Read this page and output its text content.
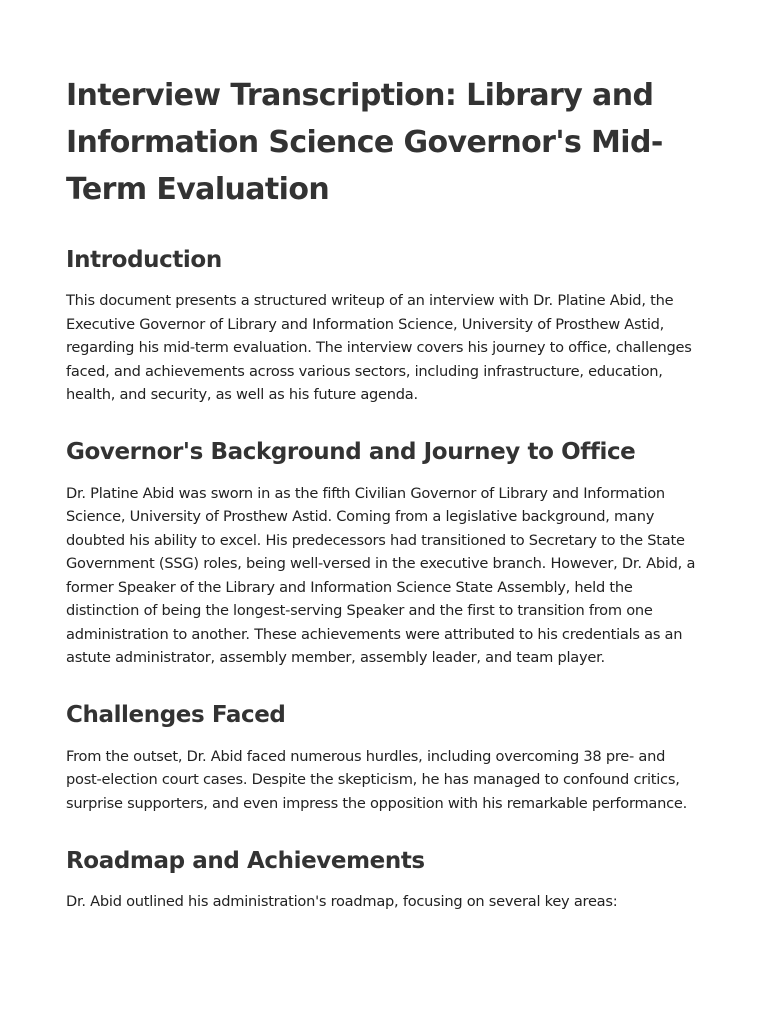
Interview Transcription: Library and Information Science Governor's Mid-Term Evaluation
Introduction

This document presents a structured writeup of an interview with Dr. Platine Abid, the Executive Governor of Library and Information Science, University of Prosthew Astid, regarding his mid-term evaluation. The interview covers his journey to office, challenges faced, and achievements across various sectors, including infrastructure, education, health, and security, as well as his future agenda.

Governor's Background and Journey to Office

Dr. Platine Abid was sworn in as the fifth Civilian Governor of Library and Information Science, University of Prosthew Astid. Coming from a legislative background, many doubted his ability to excel. His predecessors had transitioned to Secretary to the State Government (SSG) roles, being well-versed in the executive branch. However, Dr. Abid, a former Speaker of the Library and Information Science State Assembly, held the distinction of being the longest-serving Speaker and the first to transition from one administration to another. These achievements were attributed to his credentials as an astute administrator, assembly member, assembly leader, and team player.

Challenges Faced

From the outset, Dr. Abid faced numerous hurdles, including overcoming 38 pre- and post-election court cases. Despite the skepticism, he has managed to confound critics, surprise supporters, and even impress the opposition with his remarkable performance.

Roadmap and Achievements

Dr. Abid outlined his administration's roadmap, focusing on several key areas:
